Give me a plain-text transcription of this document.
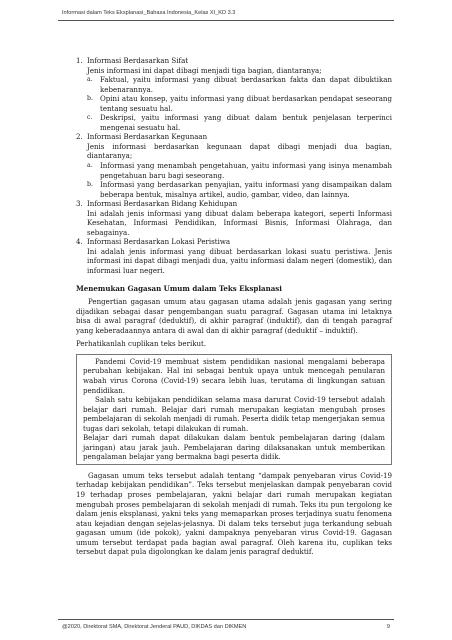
Informasi dalam Teks Eksplanasi_Bahasa Indonesia_Kelas XI_KD 3.3
1. Informasi Berdasarkan Sifat
Jenis informasi ini dapat dibagi menjadi tiga bagian, diantaranya;
a. Faktual, yaitu informasi yang dibuat berdasarkan fakta dan dapat dibuktikan kebenarannya.
b. Opini atau konsep, yaitu informasi yang dibuat berdasarkan pendapat seseorang tentang sesuatu hal.
c. Deskripsi, yaitu informasi yang dibuat dalam bentuk penjelasan terperinci mengenai sesuatu hal.
2. Informasi Berdasarkan Kegunaan
Jenis informasi berdasarkan kegunaan dapat dibagi menjadi dua bagian, diantaranya;
a. Informasi yang menambah pengetahuan, yaitu informasi yang isinya menambah pengetahuan baru bagi seseorang.
b. Informasi yang berdasarkan penyajian, yaitu informasi yang disampaikan dalam beberapa bentuk, misalnya artikel, audio, gambar, video, dan lainnya.
3. Informasi Berdasarkan Bidang Kehidupan
Ini adalah jenis informasi yang dibuat dalam beberapa kategori, seperti Informasi Kesehatan, Informasi Pendidikan, Informasi Bisnis, Informasi Olahraga, dan sebagainya.
4. Informasi Berdasarkan Lokasi Peristiwa
Ini adalah jenis informasi yang dibuat berdasarkan lokasi suatu peristiwa. Jenis informasi ini dapat dibagi menjadi dua, yaitu informasi dalam negeri (domestik), dan informasi luar negeri.
Menemukan Gagasan Umum dalam Teks Eksplanasi

Pengertian gagasan umum atau gagasan utama adalah jenis gagasan yang sering dijadikan sebagai dasar pengembangan suatu paragraf. Gagasan utama ini letaknya bisa di awal paragraf (deduktif), di akhir paragraf (induktif), dan di tengah paragraf yang keberadaannya antara di awal dan di akhir paragraf (deduktif – induktif).

Perhatikanlah cuplikan teks berikut.

Pandemi Covid-19 membuat sistem pendidikan nasional mengalami beberapa perubahan kebijakan. Hal ini sebagai bentuk upaya untuk mencegah penularan wabah virus Corona (Covid-19) secara lebih luas, terutama di lingkungan satuan pendidikan.

Salah satu kebijakan pendidikan selama masa darurat Covid-19 tersebut adalah belajar dari rumah. Belajar dari rumah merupakan kegiatan mengubah proses pembelajaran di sekolah menjadi di rumah. Peserta didik tetap mengerjakan semua tugas dari sekolah, tetapi dilakukan di rumah.

Belajar dari rumah dapat dilakukan dalam bentuk pembelajaran daring (dalam jaringan) atau jarak jauh. Pembelajaran daring dilaksanakan untuk memberikan pengalaman belajar yang bermakna bagi peserta didik.

Gagasan umum teks tersebut adalah tentang “dampak penyebaran virus Covid-19 terhadap kebijakan pendidikan”. Teks tersebut menjelaskan dampak penyebaran covid 19 terhadap proses pembelajaran, yakni belajar dari rumah merupakan kegiatan mengubah proses pembelajaran di sekolah menjadi di rumah. Teks itu pun tergolong ke dalam jenis eksplanasi, yakni teks yang memaparkan proses terjadinya suatu fenomena atau kejadian dengan sejelas-jelasnya. Di dalam teks tersebut juga terkandung sebuah gagasan umum (ide pokok), yakni dampaknya penyebaran virus Covid-19. Gagasan umum tersebut terdapat pada bagian awal paragraf. Oleh karena itu, cuplikan teks tersebut dapat pula digolongkan ke dalam jenis paragraf deduktif.

@2020, Direktorat SMA, Direktorat Jenderal PAUD, DIKDAS dan DIKMEN	9
